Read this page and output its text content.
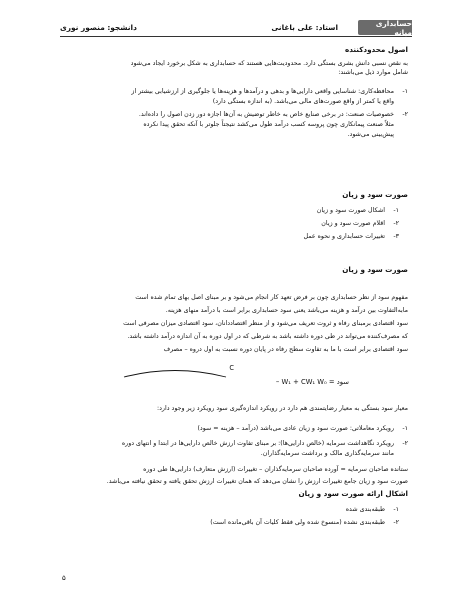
حسابداری میانه
استاد: علی باغانی
دانشجو: منصور نوری
اصول محدودکننده
به نقص نسبی دانش بشری بستگی دارد. محدودیت‌هایی هستند که حسابداری به شکل برخورد ایجاد می‌شود
شامل موارد ذیل می‌باشند:
۱-محافظه‌کاری: شناسایی واقعی دارایی‌ها و بدهی و درآمدها و هزینه‌ها یا جلوگیری از ارزشیابی بیشتر از
واقع یا کمتر از واقع صورت‌های مالی می‌باشد. (به اندازه بستگی دارد)
۲-خصوصیات صنعت: در برخی صنایع خاص به خاطر توضیش به آن‌ها اجازه دور زدن اصول را داده‌اند.
مثلاً صنعت پیمانکاری چون پروسه کسب درآمد طول می‌کشد نتیجتاً جلوتر با آنکه تحقق پیدا نکرده
پیش‌بینی می‌شود.
صورت سود و زیان
۱-اشکال صورت سود و زیان
۲-اقلام صورت سود و زیان
۳-تغییرات حسابداری و نحوه عمل
صورت سود و زیان
مفهوم سود از نظر حسابداری چون بر فرض تعهد کار انجام می‌شود و بر مبنای اصل بهای تمام شده است
مابه‌التفاوت بین درآمد و هزینه می‌باشد یعنی سود حسابداری برابر است با درآمد منهای هزینه.
سود اقتصادی برمبنای رفاه و ثروت تعریف می‌شود و از منظر اقتصاددانان، سود اقتصادی میزان مصرفی است
که مصرف‌کننده می‌تواند در طی دوره داشته باشد به شرطی که در اول دوره به آن اندازه درآمد داشته باشد.
سود اقتصادی برابر است با ما به تفاوت سطح رفاه در پایان دوره نسبت به اول دروه – مصرف
C
سود = W₁ + CW₁ W₀ –
معیار سود بستگی به معیار رضایتمندی هم دارد در رویکرد اندازه‌گیری سود رویکرد زیر وجود دارد:
۱-رویکرد معاملاتی: صورت سود و زیان عادی می‌باشد (درآمد – هزینه = سود)
۲-رویکرد نگاهداشت سرمایه (خالص دارایی‌ها): بر مبنای تفاوت ارزش خالص دارایی‌ها در ابتدا و انتهای دوره
مانند سرمایه‌گذاری مالک و برداشت سرمایه‌گذاران.
ستانده صاحبان سرمایه = آورده صاحبان سرمایه‌گذاران – تغییرات (ارزش متعارف) دارایی‌ها طی دوره
صورت سود و زیان جامع تغییرات ارزش را نشان می‌دهد که همان تغییرات ارزش تحقق یافته و تحقق نیافته می‌باشد.
اشکال ارائه صورت سود و زیان
۱-طبقه‌بندی شده
۲-طبقه‌بندی نشده (منسوخ شده ولی فقط کلیات آن باقی‌مانده است)
۵
